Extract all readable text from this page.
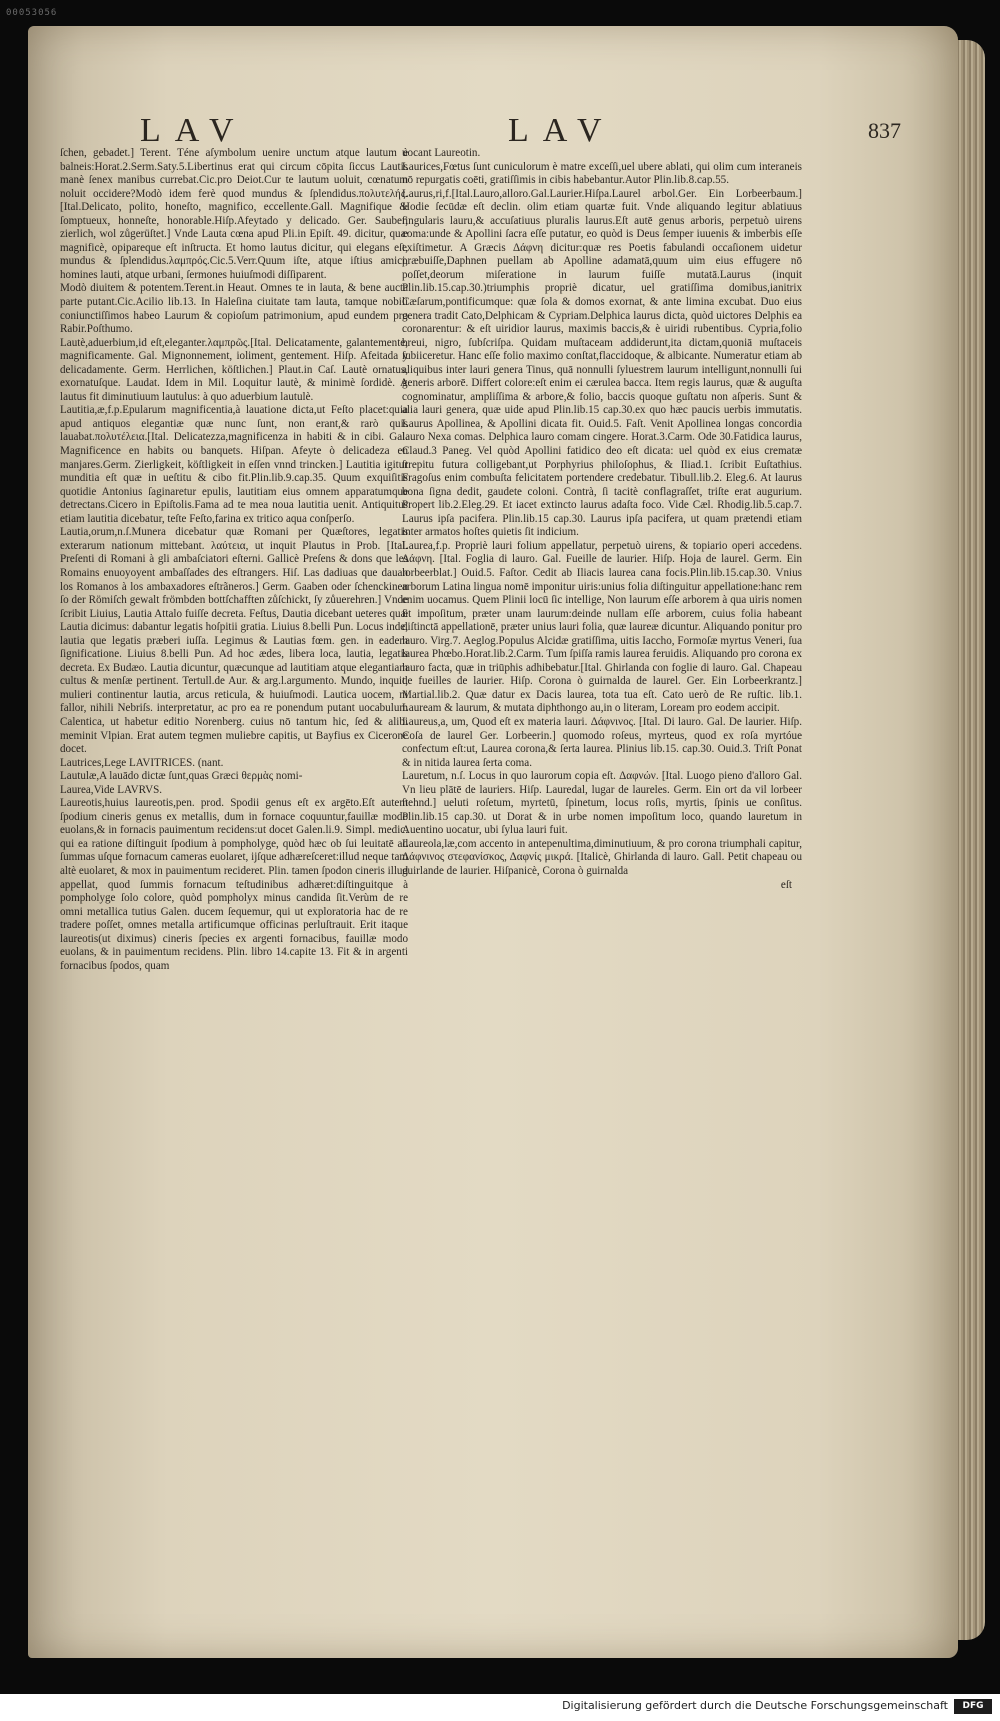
00053056
LAV	LAV	837

ſchen, gebadet.] Terent. Téne aſymbolum uenire unctum atque lautum è balneis:Horat.2.Serm.Saty.5.Libertinus erat qui circum cōpita ſiccus Lautis manè ſenex manibus currebat.Cic.pro Deiot.Cur te lautum uoluit, cœnatum noluit occidere?Modò idem ferè quod mundus & ſplendidus.πολυτελής.[Ital.Delicato, polito, honeſto, magnifico, eccellente.Gall. Magnifique & ſomptueux, honneſte, honorable.Hiſp.Afeytado y delicado. Ger. Sauber, zierlich, wol zůgerüſtet.] Vnde Lauta cœna apud Pli.in Epiſt. 49. dicitur, quæ magnificè, opipareque eſt inſtructa. Et homo lautus dicitur, qui elegans eſt, mundus & ſplendidus.λαμπρός.Cic.5.Verr.Quum iſte, atque iſtius amici, homines lauti, atque urbani, ſermones huiuſmodi diſſiparent.

Modò diuitem & potentem.Terent.in Heaut. Omnes te in lauta, & bene aucta parte putant.Cic.Acilio lib.13. In Haleſina ciuitate tam lauta, tamque nobili coniunctiſſimos habeo Laurum & copioſum patrimonium, apud eundem pro Rabir.Poſthumo.

Lautè,aduerbium,id eſt,eleganter.λαμπρῶς.[Ital. Delicatamente, galantemente, magnificamente. Gal. Mignonnement, ioliment, gentement. Hiſp. Afeitada y delicadamente. Germ. Herrlichen, köſtlichen.] Plaut.in Caſ. Lautè ornatus, exornatuſque. Laudat. Idem in Mil. Loquitur lautè, & minimè ſordidè. A lautus fit diminutiuum lautulus: à quo aduerbium lautulè.

Lautitia,æ,f.p.Epularum magnificentia,à lauatione dicta,ut Feſto placet:quia apud antiquos elegantiæ quæ nunc ſunt, non erant,& rarò quis lauabat.πολυτέλεια.[Ital. Delicatezza,magnificenza in habiti & in cibi. Gal. Magnificence en habits ou banquets. Hiſpan. Afeyte ò delicadeza en manjares.Germ. Zierligkeit, köſtligkeit in eſſen vnnd trincken.] Lautitia igitur munditia eſt quæ in ueſtitu & cibo fit.Plin.lib.9.cap.35. Quum exquiſitis quotidie Antonius ſaginaretur epulis, lautitiam eius omnem apparatumque detrectans.Cicero in Epiſtolis.Fama ad te mea noua lautitia uenit. Antiquitus etiam lautitia dicebatur, teſte Feſto,farina ex tritico aqua conſperſo.

Lautia,orum,n.ſ.Munera dicebatur quæ Romani per Quæſtores, legatis exterarum nationum mittebant. λαύτεια, ut inquit Plautus in Prob. [Ital. Preſenti di Romani à gli ambaſciatori eſterni. Gallicè Preſens & dons que les Romains enuoyoyent ambaſſades des eſtrangers. Hiſ. Las dadiuas que dauan los Romanos à los ambaxadores eſtrãneros.] Germ. Gaaben oder ſchenckinen ſo der Römiſch gewalt frömbden bottſchafften zůſchickt, ſy zůuerehren.] Vnde ſcribit Liuius, Lautia Attalo fuiſſe decreta. Feſtus, Dautia dicebant ueteres quæ Lautia dicimus: dabantur legatis hoſpitii gratia. Liuius 8.belli Pun. Locus inde, lautia que legatis præberi iuſſa. Legimus & Lautias fœm. gen. in eadem ſignificatione. Liuius 8.belli Pun. Ad hoc ædes, libera loca, lautia, legatis decreta. Ex Budæo. Lautia dicuntur, quæcunque ad lautitiam atque elegantiam cultus & menſæ pertinent. Tertull.de Aur. & arg.l.argumento. Mundo, inquit, mulieri continentur lautia, arcus reticula, & huiuſmodi. Lautica uocem, ni fallor, nihili Nebriſs. interpretatur, ac pro ea re ponendum putant uocabulum Calentica, ut habetur editio Norenberg. cuius nō tantum hic, ſed & alibi meminit Vlpian. Erat autem tegmen muliebre capitis, ut Bayfius ex Cicerone docet.

Lautrices,Lege LAVITRICES. (nant.

Lautulæ,A lauādo dictæ ſunt,quas Græci θερμὰς nomi-

Laurea,Vide LAVRVS.

Laureotis,huius laureotis,pen. prod. Spodii genus eſt ex argēto.Eſt autem ſpodium cineris genus ex metallis, dum in fornace coquuntur,fauillæ modo euolans,& in fornacis pauimentum recidens:ut docet Galen.li.9. Simpl. medic. qui ea ratione diſtinguit ſpodium à pompholyge, quòd hæc ob ſui leuitatē ad ſummas uſque fornacum cameras euolaret, ijſque adhæreſceret:illud neque tam altè euolaret, & mox in pauimentum recideret. Plin. tamen ſpodon cineris illud appellat, quod ſummis fornacum teſtudinibus adhæret:diſtinguitque à pompholyge ſolo colore, quòd pompholyx minus candida ſit.Verùm de re omni metallica tutius Galen. ducem ſequemur, qui ut exploratoria hac de re tradere poſſet, omnes metalla artificumque officinas perluſtrauit. Erit itaque laureotis(ut diximus) cineris ſpecies ex argenti fornacibus, fauillæ modo euolans, & in pauimentum recidens. Plin. libro 14.capite 13. Fit & in argenti fornacibus ſpodos, quam

uocant Laureotin.

Laurices,Fœtus ſunt cuniculorum è matre exceſſi,uel ubere ablati, qui olim cum interaneis nō repurgatis coēti, gratiſſimis in cibis habebantur.Autor Plin.lib.8.cap.55.

Laurus,ri,f.[Ital.Lauro,alloro.Gal.Laurier.Hiſpa.Laurel arbol.Ger. Ein Lorbeerbaum.] Hodie ſecūdæ eſt declin. olim etiam quartæ fuit. Vnde aliquando legitur ablatiuus ſingularis lauru,& accuſatiuus pluralis laurus.Eſt autē genus arboris, perpetuò uirens coma:unde & Apollini ſacra eſſe putatur, eo quòd is Deus ſemper iuuenis & imberbis eſſe exiſtimetur. A Græcis Δάφνη dicitur:quæ res Poetis fabulandi occaſionem uidetur præbuiſſe,Daphnen puellam ab Apolline adamatā,quum uim eius effugere nō poſſet,deorum miſeratione in laurum fuiſſe mutatā.Laurus (inquit Plin.lib.15.cap.30.)triumphis propriè dicatur, uel gratiſſima domibus,ianitrix Cæſarum,pontificumque: quæ ſola & domos exornat, & ante limina excubat. Duo eius genera tradit Cato,Delphicam & Cypriam.Delphica laurus dicta, quòd uictores Delphis ea coronarentur: & eſt uiridior laurus, maximis baccis,& è uiridi rubentibus. Cypria,folio breui, nigro, ſubſcriſpa. Quidam muſtaceam addiderunt,ita dictam,quoniā muſtaceis ſubiiceretur. Hanc eſſe folio maximo conſtat,flaccidoque, & albicante. Numeratur etiam ab aliquibus inter lauri genera Tinus, quā nonnulli ſyluestrem laurum intelligunt,nonnulli ſui generis arborē. Differt colore:eſt enim ei cærulea bacca. Item regis laurus, quæ & auguſta cognominatur, ampliſſima & arbore,& folio, baccis quoque guſtatu non aſperis. Sunt & alia lauri genera, quæ uide apud Plin.lib.15 cap.30.ex quo hæc paucis uerbis immutatis. Laurus Apollinea, & Apollini dicata fit. Ouid.5. Faſt. Venit Apollinea longas concordia lauro Nexa comas. Delphica lauro comam cingere. Horat.3.Carm. Ode 30.Fatidica laurus, Claud.3 Paneg. Vel quòd Apollini fatidico deo eſt dicata: uel quòd ex eius crematæ ſtrepitu futura colligebant,ut Porphyrius philoſophus, & Iliad.1. ſcribit Euſtathius. Fragoſus enim combuſta felicitatem portendere credebatur. Tibull.lib.2. Eleg.6. At laurus bona ſigna dedit, gaudete coloni. Contrà, ſi tacitè conflagraſſet, triſte erat augurium. Propert lib.2.Eleg.29. Et iacet extincto laurus adaſta foco. Vide Cæl. Rhodig.lib.5.cap.7. Laurus ipſa pacifera. Plin.lib.15 cap.30. Laurus ipſa pacifera, ut quam prætendi etiam inter armatos hoſtes quietis ſit indicium.

Laurea,f.p. Propriè lauri folium appellatur, perpetuò uirens, & topiario operi accedens. Δάφνη. [Ital. Foglia di lauro. Gal. Fueille de laurier. Hiſp. Hoja de laurel. Germ. Ein lorbeerblat.] Ouid.5. Faſtor. Cedit ab Iliacis laurea cana focis.Plin.lib.15.cap.30. Vnius arborum Latina lingua nomē imponitur uiris:unius folia diſtinguitur appellatione:hanc rem enim uocamus. Quem Plinii locū ſic intellige, Non laurum eſſe arborem à qua uiris nomen ſit impoſitum, præter unam laurum:deinde nullam eſſe arborem, cuius folia habeant diſtinctā appellationē, præter unius lauri folia, quæ laureæ dicuntur. Aliquando ponitur pro lauro. Virg.7. Aeglog.Populus Alcidæ gratiſſima, uitis Iaccho, Formoſæ myrtus Veneri, ſua laurea Phœbo.Horat.lib.2.Carm. Tum ſpiſſa ramis laurea feruidis. Aliquando pro corona ex lauro facta, quæ in triūphis adhibebatur.[Ital. Ghirlanda con foglie di lauro. Gal. Chapeau de fueilles de laurier. Hiſp. Corona ò guirnalda de laurel. Ger. Ein Lorbeerkrantz.] Martial.lib.2. Quæ datur ex Dacis laurea, tota tua eſt. Cato uerò de Re ruſtic. lib.1. Lauream & laurum, & mutata diphthongo au,in o literam, Loream pro eodem accipit.

Laureus,a, um, Quod eſt ex materia lauri. Δάφνινος. [Ital. Di lauro. Gal. De laurier. Hiſp. Coſa de laurel Ger. Lorbeerin.] quomodo roſeus, myrteus, quod ex roſa myrtóue confectum eſt:ut, Laurea corona,& ſerta laurea. Plinius lib.15. cap.30. Ouid.3. Triſt Ponat & in nitida laurea ſerta coma.

Lauretum, n.ſ. Locus in quo laurorum copia eſt. Δαφνών. [Ital. Luogo pieno d'alloro Gal. Vn lieu plātē de lauriers. Hiſp. Lauredal, lugar de laureles. Germ. Ein ort da vil lorbeer ſtehnd.] ueluti roſetum, myrtetū, ſpinetum, locus roſis, myrtis, ſpinis ue conſitus. Plin.lib.15 cap.30. ut Dorat & in urbe nomen impoſitum loco, quando lauretum in Auentino uocatur, ubi ſylua lauri fuit.

Laureola,læ,com accento in antepenultima,diminutiuum, & pro corona triumphali capitur, Δάφνινος στεφανίσκος, Δαφνίς μικρά. [Italicè, Ghirlanda di lauro. Gall. Petit chapeau ou guirlande de laurier. Hiſpanicè, Corona ò guirnalda

eſt

Digitalisierung gefördert durch die Deutsche Forschungsgemeinschaft	DFG
